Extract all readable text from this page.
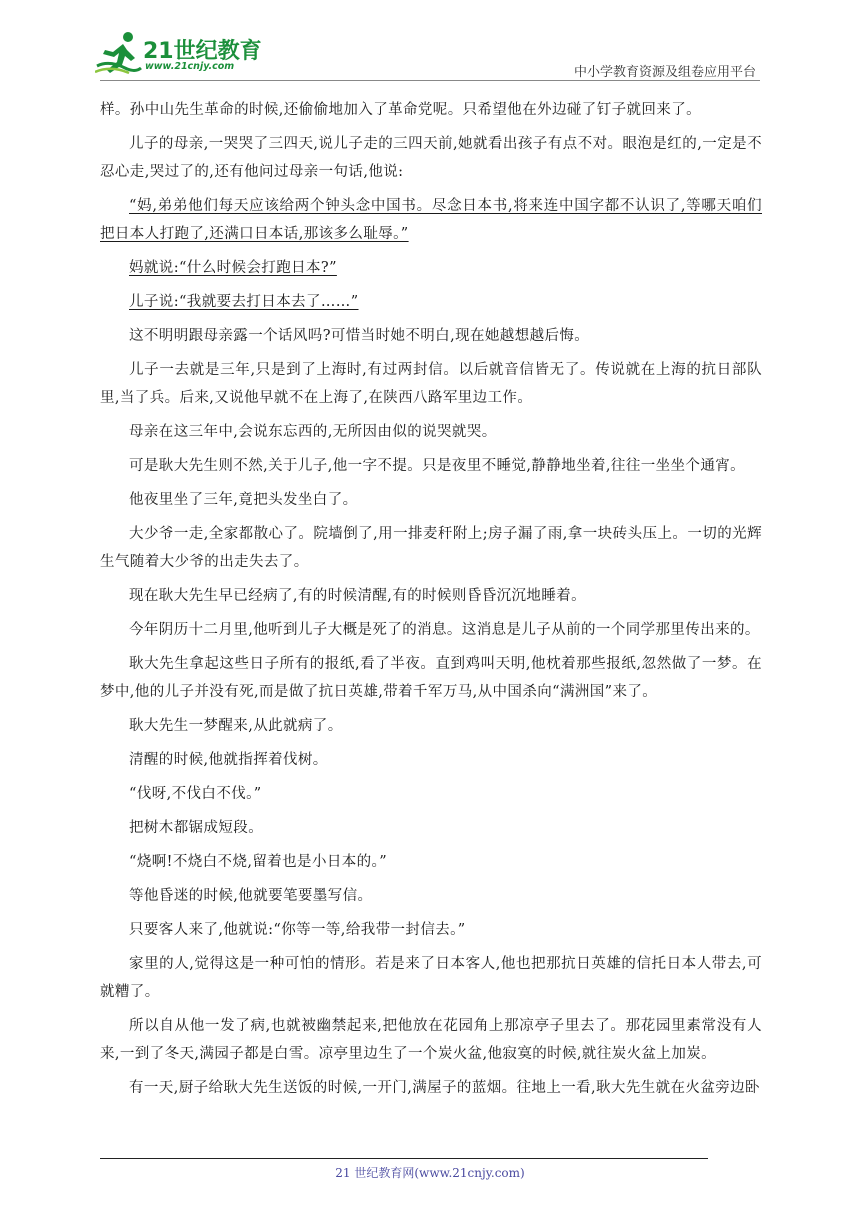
21世纪教育
www.21cnjy.com	中小学教育资源及组卷应用平台

样。孙中山先生革命的时候,还偷偷地加入了革命党呢。只希望他在外边碰了钉子就回来了。

儿子的母亲,一哭哭了三四天,说儿子走的三四天前,她就看出孩子有点不对。眼泡是红的,一定是不忍心走,哭过了的,还有他问过母亲一句话,他说:

“妈,弟弟他们每天应该给两个钟头念中国书。尽念日本书,将来连中国字都不认识了,等哪天咱们把日本人打跑了,还满口日本话,那该多么耻辱。”

妈就说:“什么时候会打跑日本?”

儿子说:“我就要去打日本去了……”

这不明明跟母亲露一个话风吗?可惜当时她不明白,现在她越想越后悔。

儿子一去就是三年,只是到了上海时,有过两封信。以后就音信皆无了。传说就在上海的抗日部队里,当了兵。后来,又说他早就不在上海了,在陕西八路军里边工作。

母亲在这三年中,会说东忘西的,无所因由似的说哭就哭。

可是耿大先生则不然,关于儿子,他一字不提。只是夜里不睡觉,静静地坐着,往往一坐坐个通宵。

他夜里坐了三年,竟把头发坐白了。

大少爷一走,全家都散心了。院墙倒了,用一排麦秆附上;房子漏了雨,拿一块砖头压上。一切的光辉生气随着大少爷的出走失去了。

现在耿大先生早已经病了,有的时候清醒,有的时候则昏昏沉沉地睡着。

今年阴历十二月里,他听到儿子大概是死了的消息。这消息是儿子从前的一个同学那里传出来的。

耿大先生拿起这些日子所有的报纸,看了半夜。直到鸡叫天明,他枕着那些报纸,忽然做了一梦。在梦中,他的儿子并没有死,而是做了抗日英雄,带着千军万马,从中国杀向“满洲国”来了。

耿大先生一梦醒来,从此就病了。

清醒的时候,他就指挥着伐树。

“伐呀,不伐白不伐。”

把树木都锯成短段。

“烧啊!不烧白不烧,留着也是小日本的。”

等他昏迷的时候,他就要笔要墨写信。

只要客人来了,他就说:“你等一等,给我带一封信去。”

家里的人,觉得这是一种可怕的情形。若是来了日本客人,他也把那抗日英雄的信托日本人带去,可就糟了。

所以自从他一发了病,也就被幽禁起来,把他放在花园角上那凉亭子里去了。那花园里素常没有人来,一到了冬天,满园子都是白雪。凉亭里边生了一个炭火盆,他寂寞的时候,就往炭火盆上加炭。

有一天,厨子给耿大先生送饭的时候,一开门,满屋子的蓝烟。往地上一看,耿大先生就在火盆旁边卧

21 世纪教育网(www.21cnjy.com)
